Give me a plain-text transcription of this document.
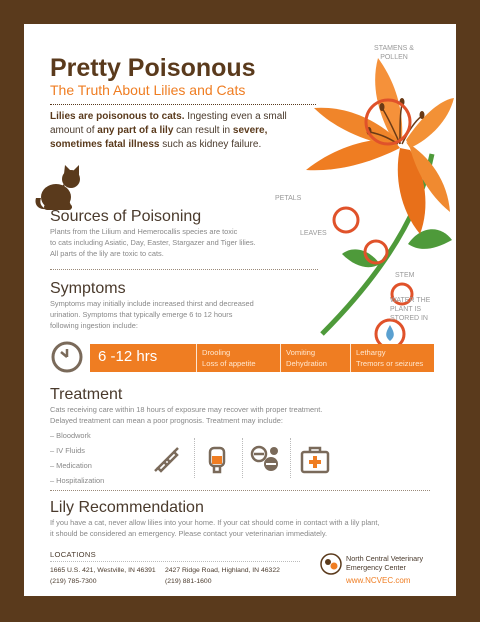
Pretty Poisonous
The Truth About Lilies and Cats
Lilies are poisonous to cats. Ingesting even a small amount of any part of a lily can result in severe, sometimes fatal illness such as kidney failure.
STAMENS & POLLEN
PETALS
LEAVES
STEM
WATER THE
PLANT IS
STORED IN
Sources of Poisoning
Plants from the Lilium and Hemerocallis species are toxic
to cats including Asiatic, Day, Easter, Stargazer and Tiger lilies.
All parts of the lily are toxic to cats.
Symptoms
Symptoms may initially include increased thirst and decreased
urination. Symptoms that typically emerge 6 to 12 hours
following ingestion include:
6 -12 hrs	Drooling
Loss of appetite
Vomiting
Dehydration
Lethargy
Tremors or seizures
Treatment
Cats receiving care within 18 hours of exposure may recover with proper treatment.
Delayed treatment can mean a poor prognosis. Treatment may include:
– Bloodwork
– IV Fluids
– Medication
– Hospitalization
Lily Recommendation
If you have a cat, never allow lilies into your home. If your cat should come in contact with a lily plant,
it should be considered an emergency. Please contact your veterinarian immediately.
LOCATIONS
1665 U.S. 421, Westville, IN 46391
(219) 785-7300
2427 Ridge Road, Highland, IN 46322
(219) 881-1600
North Central Veterinary
Emergency Center
www.NCVEC.com
